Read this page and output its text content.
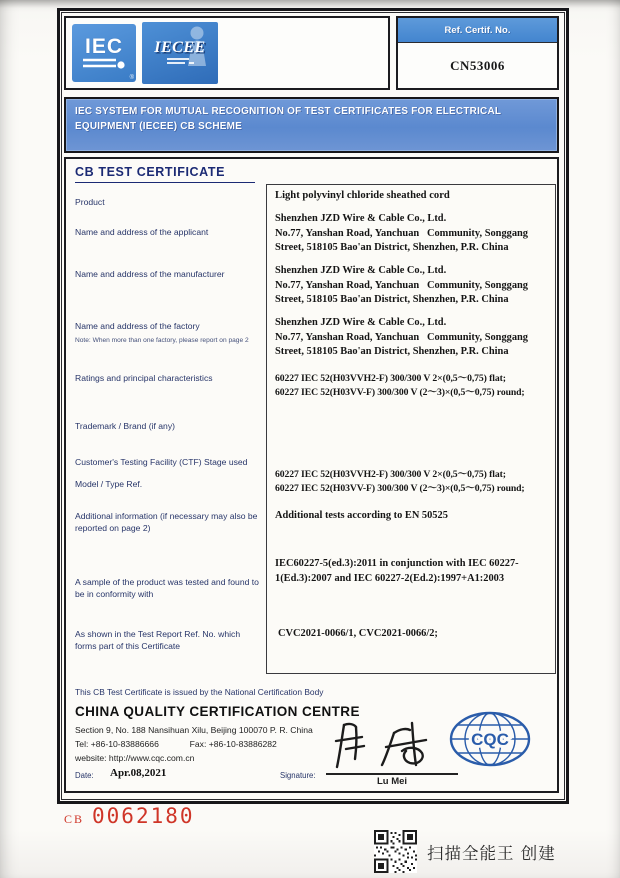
IEC
®
IECEE
Ref. Certif. No.
CN53006
IEC SYSTEM FOR MUTUAL RECOGNITION OF TEST CERTIFICATES FOR ELECTRICAL EQUIPMENT (IECEE) CB SCHEME
CB TEST CERTIFICATE
Product
Name and address of the applicant
Name and address of the manufacturer
Name and address of the factory
Note: When more than one factory, please report on page 2
Ratings and principal characteristics
Trademark / Brand (if any)
Customer's Testing Facility (CTF) Stage used
Model / Type Ref.
Additional information (if necessary may also be reported on page 2)
A sample of the product was tested and found to be in conformity with
As shown in the Test Report Ref. No. which forms part of this Certificate
Light polyvinyl chloride sheathed cord
Shenzhen JZD Wire & Cable Co., Ltd.
No.77, Yanshan Road, Yanchuan   Community, Songgang Street, 518105 Bao'an District, Shenzhen, P.R. China
Shenzhen JZD Wire & Cable Co., Ltd.
No.77, Yanshan Road, Yanchuan   Community, Songgang Street, 518105 Bao'an District, Shenzhen, P.R. China
Shenzhen JZD Wire & Cable Co., Ltd.
No.77, Yanshan Road, Yanchuan   Community, Songgang Street, 518105 Bao'an District, Shenzhen, P.R. China
60227 IEC 52(H03VVH2-F) 300/300 V 2×(0,5～0,75) flat;
60227 IEC 52(H03VV-F) 300/300 V (2～3)×(0,5～0,75) round;
60227 IEC 52(H03VVH2-F) 300/300 V 2×(0,5～0,75) flat;
60227 IEC 52(H03VV-F) 300/300 V (2～3)×(0,5～0,75) round;
Additional tests according to EN 50525
IEC60227-5(ed.3):2011 in conjunction with IEC 60227-1(Ed.3):2007 and IEC 60227-2(Ed.2):1997+A1:2003
CVC2021-0066/1, CVC2021-0066/2;
This CB Test Certificate is issued by the National Certification Body
CHINA QUALITY CERTIFICATION CENTRE
Section 9, No. 188 Nansihuan Xilu, Beijing 100070 P. R. China
Tel: +86-10-83886666	Fax: +86-10-83886282
website: http://www.cqc.com.cn
CQC
Signature:
Lu Mei
Date: Apr.08,2021
CB 0062180
扫描全能王 创建
